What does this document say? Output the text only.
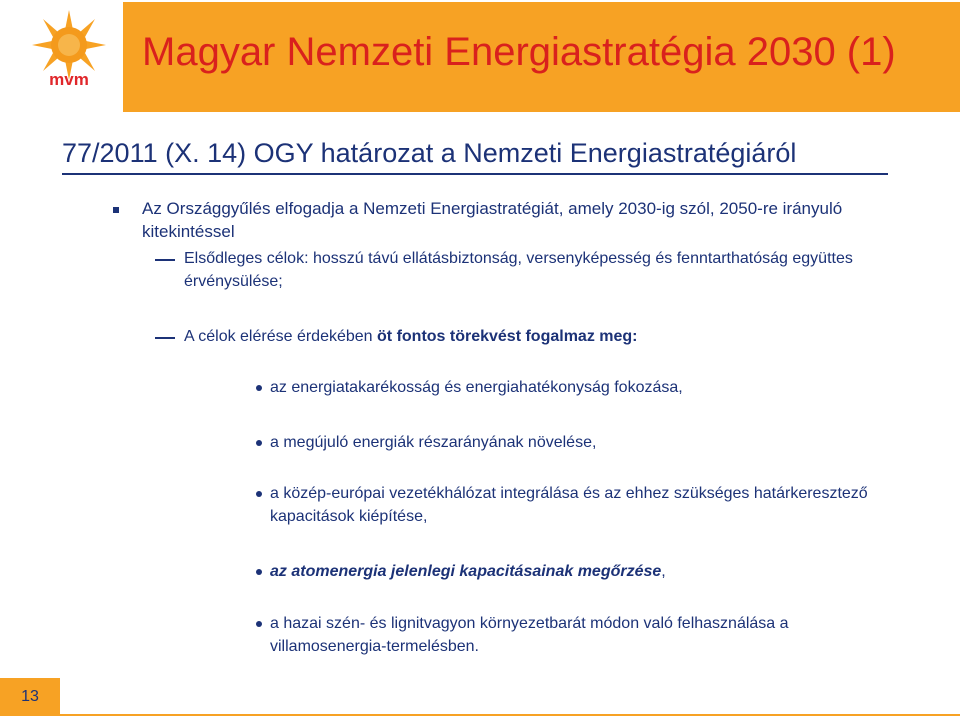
mvm
Magyar Nemzeti Energiastratégia 2030 (1)
77/2011 (X. 14) OGY határozat a Nemzeti Energiastratégiáról
Az Országgyűlés elfogadja a Nemzeti Energiastratégiát, amely 2030-ig szól, 2050-re irányuló kitekintéssel
Elsődleges célok: hosszú távú ellátásbiztonság, versenyképesség és fenntarthatóság együttes érvénysülése;
A célok elérése érdekében öt fontos törekvést fogalmaz meg:
az energiatakarékosság és energiahatékonyság fokozása,
a megújuló energiák részarányának növelése,
a közép-európai vezetékhálózat integrálása és az ehhez szükséges határkeresztező kapacitások kiépítése,
az atomenergia jelenlegi kapacitásainak megőrzése,
a hazai szén- és lignitvagyon környezetbarát módon való felhasználása a villamosenergia-termelésben.
13
